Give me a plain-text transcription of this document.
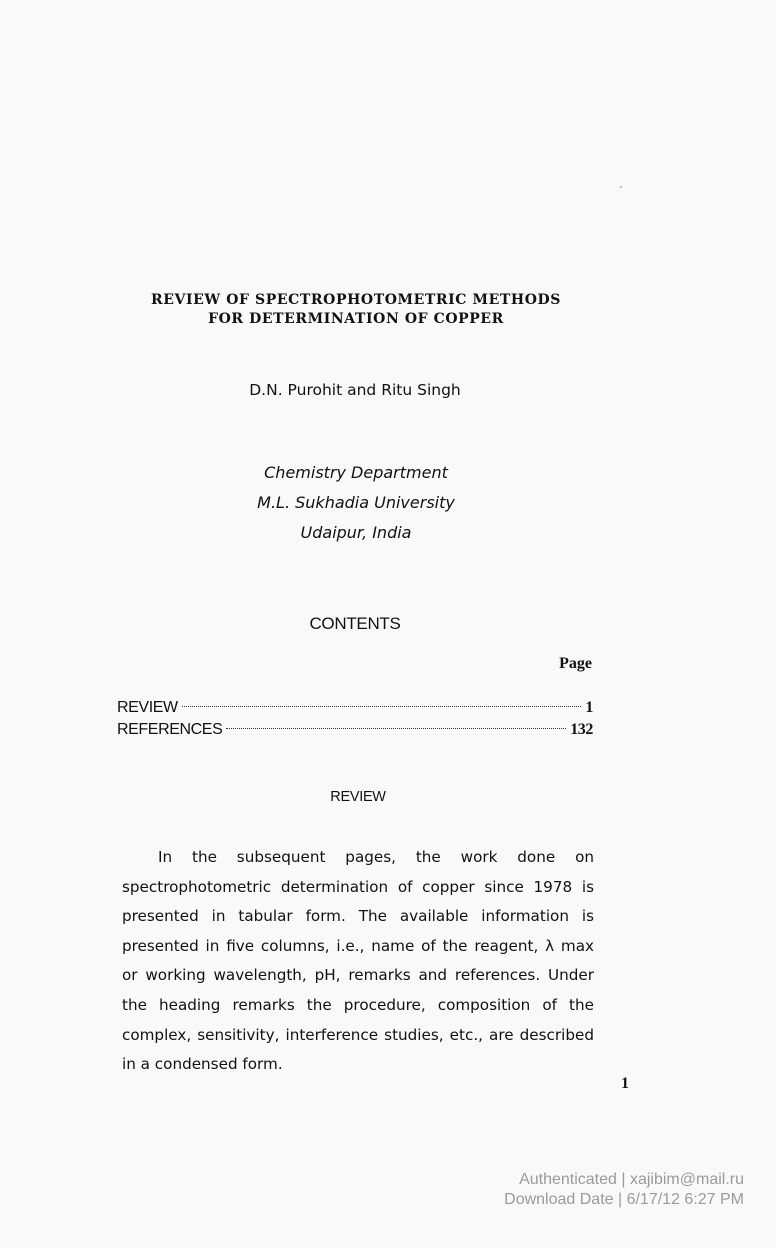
REVIEW OF SPECTROPHOTOMETRIC METHODS
FOR DETERMINATION OF COPPER
D.N. Purohit and Ritu Singh
Chemistry Department
M.L. Sukhadia University
Udaipur, India
CONTENTS
Page
REVIEW	1
REFERENCES	132
REVIEW
In the subsequent pages, the work done on spectrophotometric determination of copper since 1978 is presented in tabular form. The available information is presented in five columns, i.e., name of the reagent, λ max or working wavelength, pH, remarks and references. Under the heading remarks the procedure, composition of the complex, sensitivity, interference studies, etc., are described in a condensed form.
1
Authenticated | xajibim@mail.ru
Download Date | 6/17/12 6:27 PM
